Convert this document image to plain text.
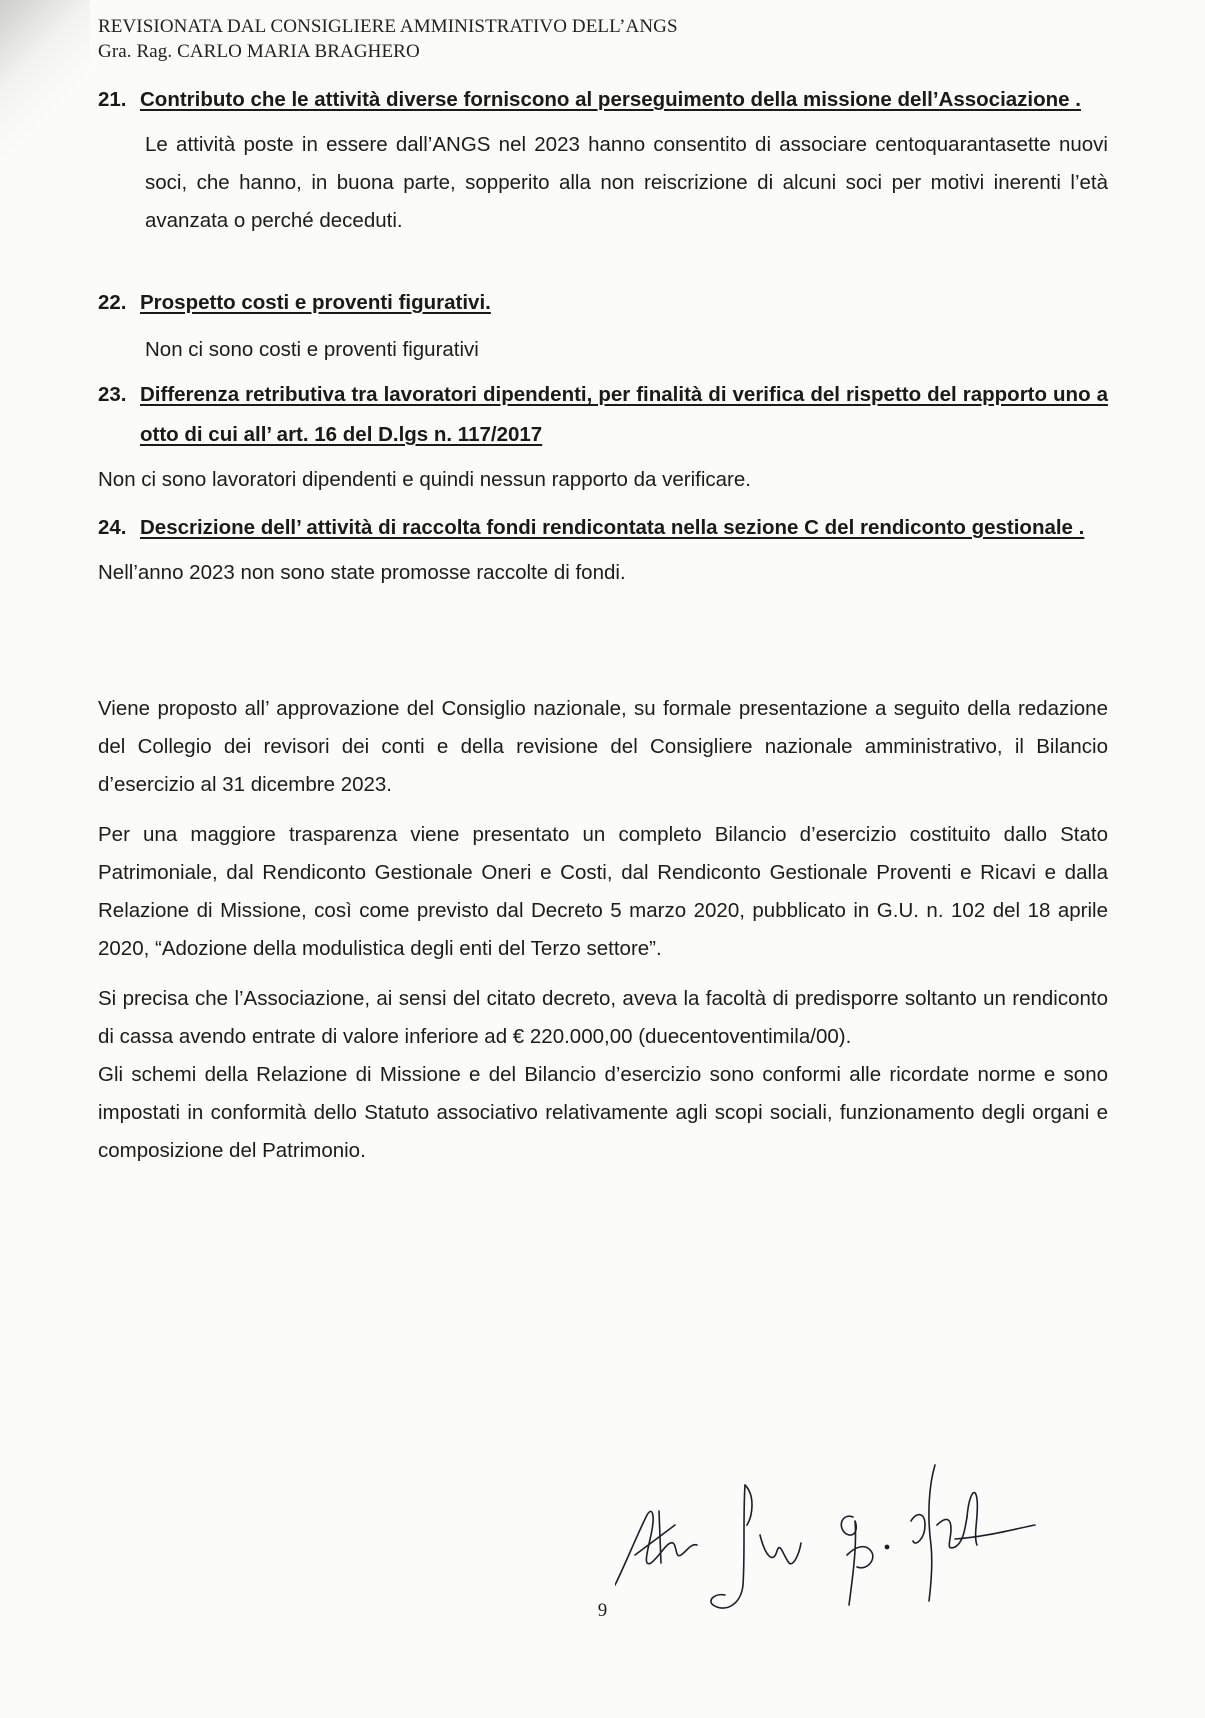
REVISIONATA DAL CONSIGLIERE AMMINISTRATIVO DELL’ANGS
Gra. Rag. CARLO MARIA BRAGHERO
21. Contributo che le attività diverse forniscono al perseguimento della missione dell’Associazione .
Le attività poste in essere dall’ANGS nel 2023 hanno consentito di associare centoquarantasette nuovi soci, che hanno, in buona parte, sopperito alla non reiscrizione di alcuni soci per motivi inerenti l’età avanzata o perché deceduti.
22. Prospetto costi e proventi figurativi.
Non ci sono costi e proventi figurativi
23. Differenza retributiva tra lavoratori dipendenti, per finalità di verifica del rispetto del rapporto uno a otto di cui all’ art. 16 del D.lgs n. 117/2017
Non ci sono lavoratori dipendenti e quindi nessun rapporto da verificare.
24. Descrizione dell’ attività di raccolta fondi rendicontata nella sezione C del rendiconto gestionale .
Nell’anno 2023 non sono state promosse raccolte di fondi.
Viene proposto all’ approvazione del Consiglio nazionale, su formale presentazione a seguito della redazione del Collegio dei revisori dei conti e della revisione del Consigliere nazionale amministrativo, il Bilancio d’esercizio al 31 dicembre 2023.
Per una maggiore trasparenza viene presentato un completo Bilancio d’esercizio costituito dallo Stato Patrimoniale, dal Rendiconto Gestionale Oneri e Costi, dal Rendiconto Gestionale Proventi e Ricavi e dalla Relazione di Missione, così come previsto dal Decreto 5 marzo 2020, pubblicato in G.U. n. 102 del 18 aprile 2020, “Adozione della modulistica degli enti del Terzo settore”.
Si precisa che l’Associazione, ai sensi del citato decreto, aveva la facoltà di predisporre soltanto un rendiconto di cassa avendo entrate di valore inferiore ad € 220.000,00 (duecentoventimila/00).
Gli schemi della Relazione di Missione e del Bilancio d’esercizio sono conformi alle ricordate norme e sono impostati in conformità dello Statuto associativo relativamente agli scopi sociali, funzionamento degli organi e composizione del Patrimonio.
9
